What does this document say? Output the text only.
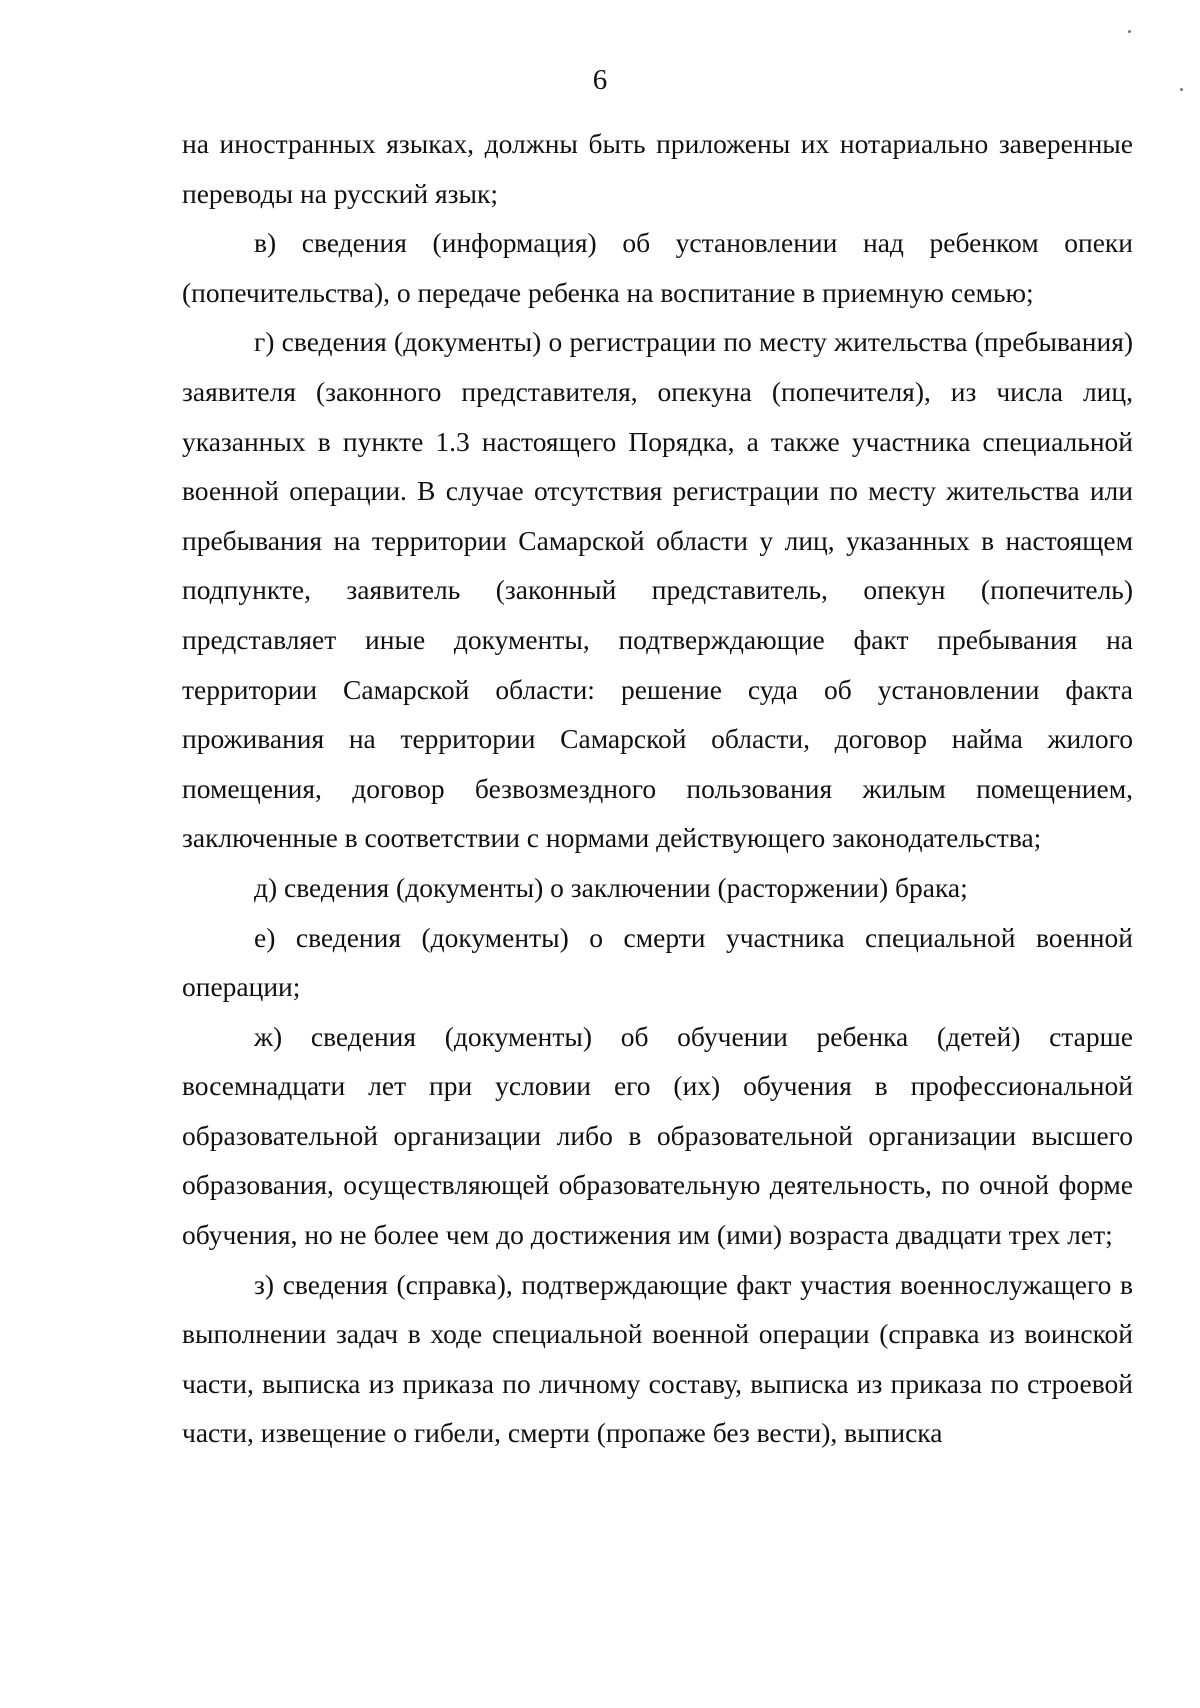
6

на иностранных языках, должны быть приложены их нотариально заверенные переводы на русский язык;

в) сведения (информация) об установлении над ребенком опеки (попечительства), о передаче ребенка на воспитание в приемную семью;

г) сведения (документы) о регистрации по месту жительства (пребывания) заявителя (законного представителя, опекуна (попечителя), из числа лиц, указанных в пункте 1.3 настоящего Порядка, а также участника специальной военной операции. В случае отсутствия регистрации по месту жительства или пребывания на территории Самарской области у лиц, указанных в настоящем подпункте, заявитель (законный представитель, опекун (попечитель) представляет иные документы, подтверждающие факт пребывания на территории Самарской области: решение суда об установлении факта проживания на территории Самарской области, договор найма жилого помещения, договор безвозмездного пользования жилым помещением, заключенные в соответствии с нормами действующего законодательства;

д) сведения (документы) о заключении (расторжении) брака;

е) сведения (документы) о смерти участника специальной военной операции;

ж) сведения (документы) об обучении ребенка (детей) старше восемнадцати лет при условии его (их) обучения в профессиональной образовательной организации либо в образовательной организации высшего образования, осуществляющей образовательную деятельность, по очной форме обучения, но не более чем до достижения им (ими) возраста двадцати трех лет;

з) сведения (справка), подтверждающие факт участия военнослужащего в выполнении задач в ходе специальной военной операции (справка из воинской части, выписка из приказа по личному составу, выписка из приказа по строевой части, извещение о гибели, смерти (пропаже без вести), выписка
